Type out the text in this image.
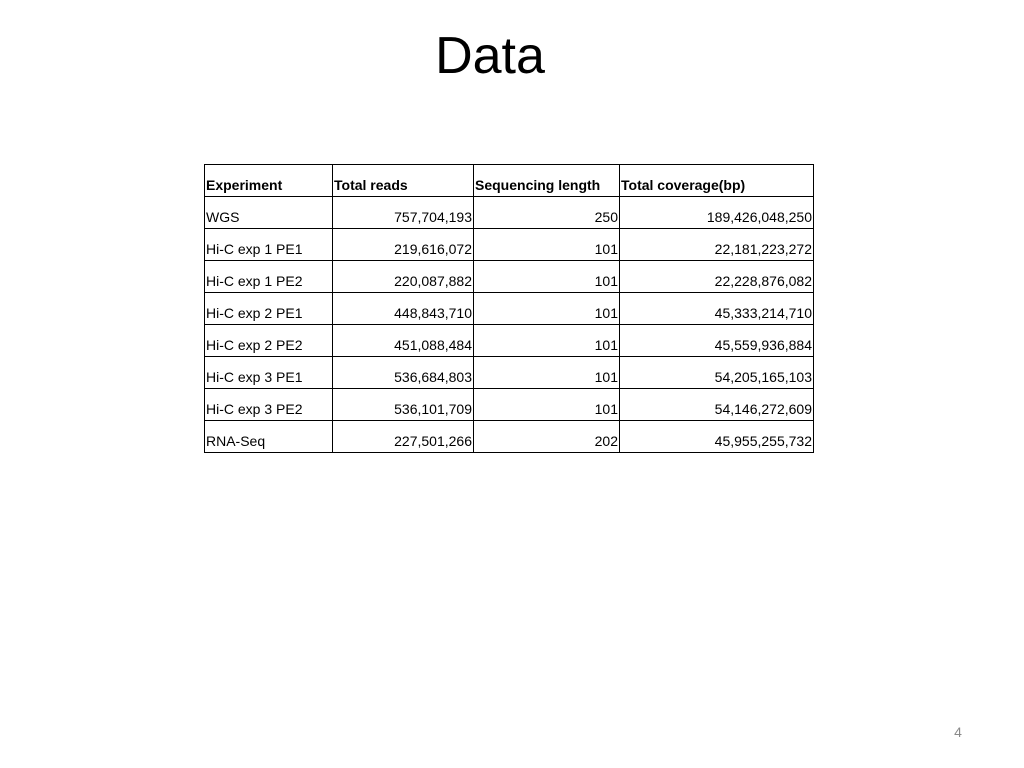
Data
Experiment	Total reads	Sequencing length	Total coverage(bp)
WGS	757,704,193	250	189,426,048,250
Hi-C exp 1 PE1	219,616,072	101	22,181,223,272
Hi-C exp 1 PE2	220,087,882	101	22,228,876,082
Hi-C exp 2 PE1	448,843,710	101	45,333,214,710
Hi-C exp 2 PE2	451,088,484	101	45,559,936,884
Hi-C exp 3 PE1	536,684,803	101	54,205,165,103
Hi-C exp 3 PE2	536,101,709	101	54,146,272,609
RNA-Seq	227,501,266	202	45,955,255,732
4
